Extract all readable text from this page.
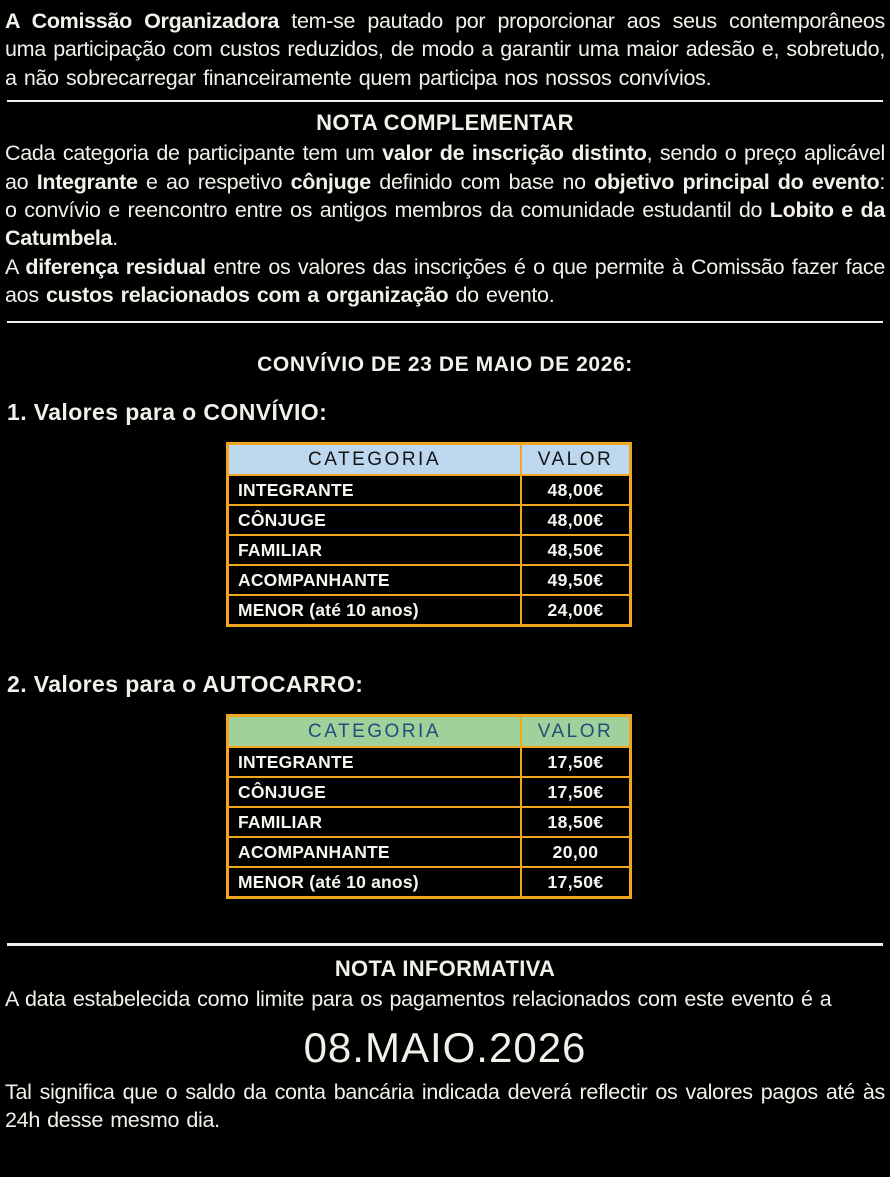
A Comissão Organizadora tem-se pautado por proporcionar aos seus contemporâneos uma participação com custos reduzidos, de modo a garantir uma maior adesão e, sobretudo, a não sobrecarregar financeiramente quem participa nos nossos convívios.

NOTA COMPLEMENTAR

Cada categoria de participante tem um valor de inscrição distinto, sendo o preço aplicável ao Integrante e ao respetivo cônjuge definido com base no objetivo principal do evento: o convívio e reencontro entre os antigos membros da comunidade estudantil do Lobito e da Catumbela.

A diferença residual entre os valores das inscrições é o que permite à Comissão fazer face aos custos relacionados com a organização do evento.

CONVÍVIO DE 23 DE MAIO DE 2026:
1. Valores para o CONVÍVIO:
CATEGORIA	VALOR
INTEGRANTE	48,00€
CÔNJUGE	48,00€
FAMILIAR	48,50€
ACOMPANHANTE	49,50€
MENOR (até 10 anos)	24,00€
2. Valores para o AUTOCARRO:
CATEGORIA	VALOR
INTEGRANTE	17,50€
CÔNJUGE	17,50€
FAMILIAR	18,50€
ACOMPANHANTE	20,00
MENOR (até 10 anos)	17,50€
NOTA INFORMATIVA

A data estabelecida como limite para os pagamentos relacionados com este evento é a

08.MAIO.2026

Tal significa que o saldo da conta bancária indicada deverá reflectir os valores pagos até às 24h desse mesmo dia.
